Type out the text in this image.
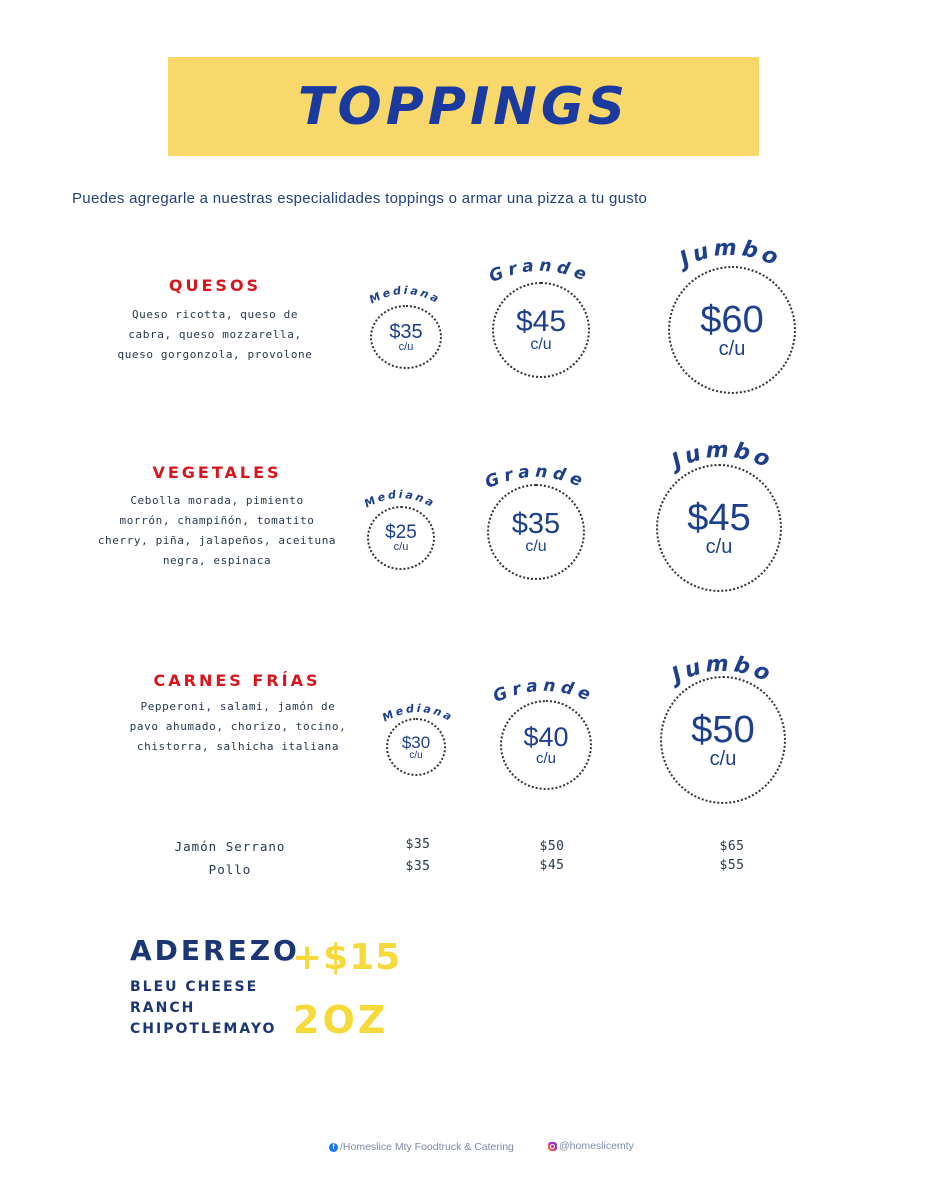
TOPPINGS
Puedes agregarle a nuestras especialidades toppings o armar una pizza a tu gusto
QUESOS
Queso ricotta, queso de
cabra, queso mozzarella,
queso gorgonzola, provolone
Mediana
$35
c/u
Grande
$45
c/u
Jumbo
$60
c/u
VEGETALES
Cebolla morada, pimiento
morrón, champiñón, tomatito
cherry, piña, jalapeños, aceituna
negra, espinaca
Mediana
$25
c/u
Grande
$35
c/u
Jumbo
$45
c/u
CARNES FRÍAS
Pepperoni, salami, jamón de
pavo ahumado, chorizo, tocino,
chistorra, salhicha italiana
Mediana
$30
c/u
Grande
$40
c/u
Jumbo
$50
c/u
Jamón Serrano	$35	$50	$65
Pollo	$35	$45	$55
ADEREZO
+$15
BLEU CHEESE
RANCH
CHIPOTLEMAYO 2OZ
f /Homeslice Mty Foodtruck & Catering	@homeslicemty
